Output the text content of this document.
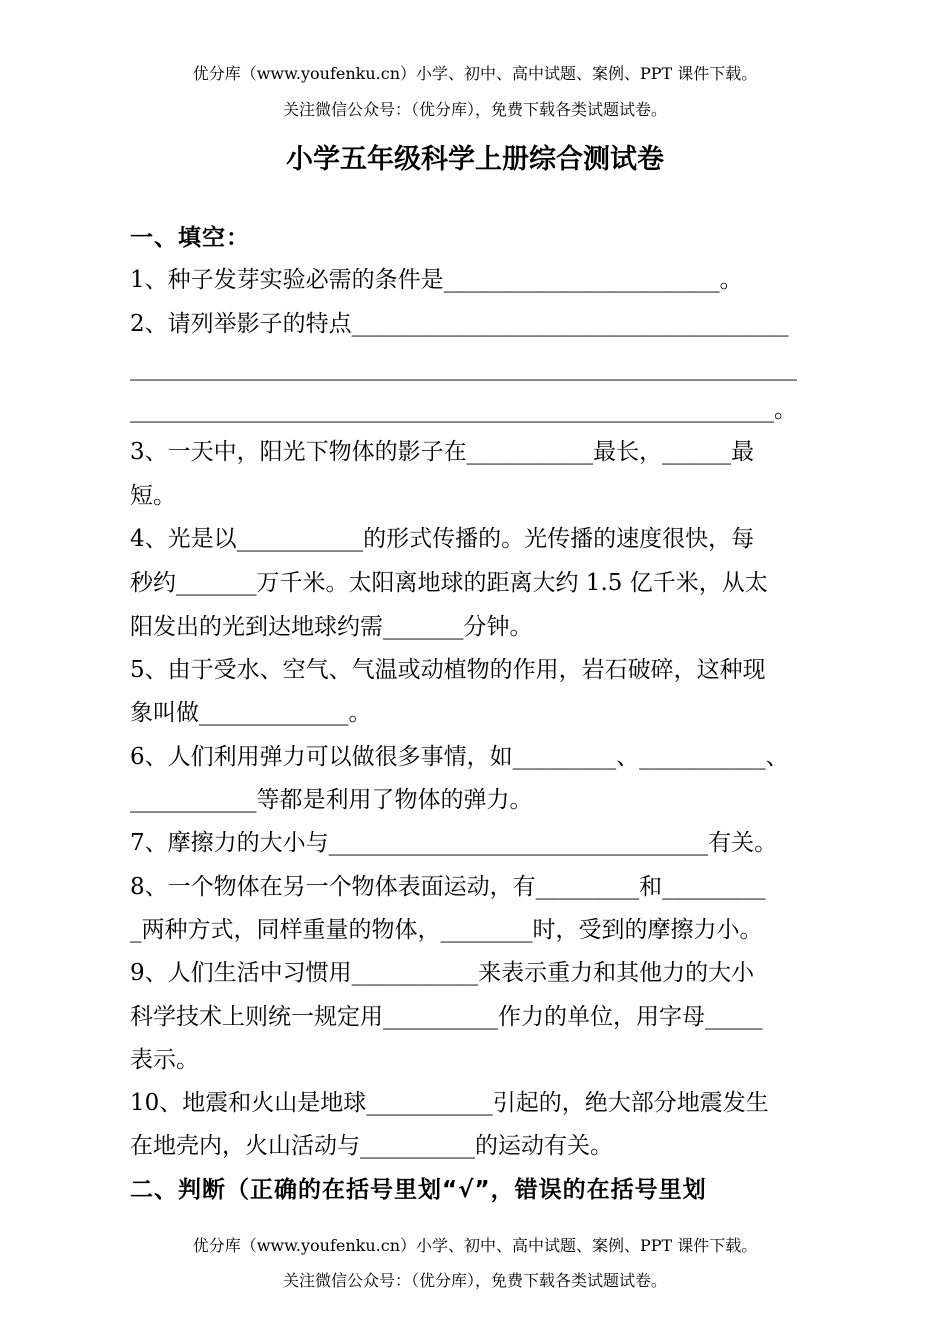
优分库（www.youfenku.cn）小学、初中、高中试题、案例、PPT 课件下载。
关注微信公众号：（优分库），免费下载各类试题试卷。
小学五年级科学上册综合测试卷
一、填空：
1、种子发芽实验必需的条件是________________________。
2、请列举影子的特点______________________________________
__________________________________________________________
________________________________________________________。
3、一天中，阳光下物体的影子在___________最长，______最
短。
4、光是以___________的形式传播的。光传播的速度很快，每
秒约_______万千米。太阳离地球的距离大约 1.5 亿千米，从太
阳发出的光到达地球约需_______分钟。
5、由于受水、空气、气温或动植物的作用，岩石破碎，这种现
象叫做_____________。
6、人们利用弹力可以做很多事情，如_________、___________、
___________等都是利用了物体的弹力。
7、摩擦力的大小与_________________________________有关。
8、一个物体在另一个物体表面运动，有_________和_________
_两种方式，同样重量的物体，________时，受到的摩擦力小。
9、人们生活中习惯用___________来表示重力和其他力的大小
科学技术上则统一规定用__________作力的单位，用字母_____
表示。
10、地震和火山是地球___________引起的，绝大部分地震发生
在地壳内，火山活动与__________的运动有关。
二、判断（正确的在括号里划“√”，错误的在括号里划
优分库（www.youfenku.cn）小学、初中、高中试题、案例、PPT 课件下载。
关注微信公众号：（优分库），免费下载各类试题试卷。
